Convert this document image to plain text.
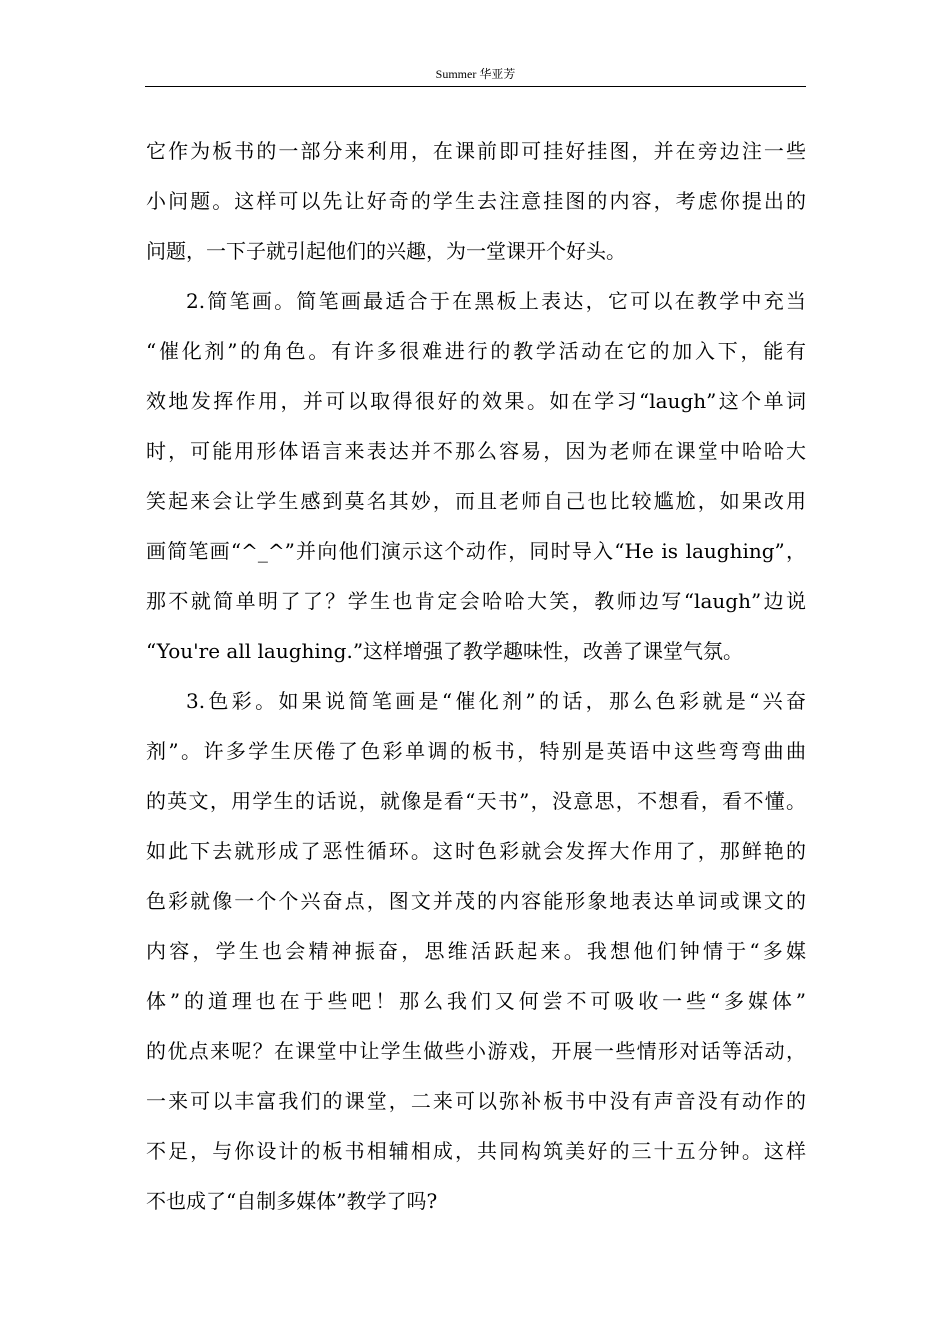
Summer 华亚芳
它作为板书的一部分来利用，在课前即可挂好挂图，并在旁边注一些
小问题。这样可以先让好奇的学生去注意挂图的内容，考虑你提出的
问题，一下子就引起他们的兴趣，为一堂课开个好头。
2.简笔画。简笔画最适合于在黑板上表达，它可以在教学中充当
“催化剂”的角色。有许多很难进行的教学活动在它的加入下，能有
效地发挥作用，并可以取得很好的效果。如在学习“laugh”这个单词
时，可能用形体语言来表达并不那么容易，因为老师在课堂中哈哈大
笑起来会让学生感到莫名其妙，而且老师自己也比较尴尬，如果改用
画简笔画“^_^”并向他们演示这个动作，同时导入“He is laughing”，
那不就简单明了了？学生也肯定会哈哈大笑，教师边写“laugh”边说
“You're all laughing.”这样增强了教学趣味性，改善了课堂气氛。
3.色彩。如果说简笔画是“催化剂”的话，那么色彩就是“兴奋
剂”。许多学生厌倦了色彩单调的板书，特别是英语中这些弯弯曲曲
的英文，用学生的话说，就像是看“天书”，没意思，不想看，看不懂。
如此下去就形成了恶性循环。这时色彩就会发挥大作用了，那鲜艳的
色彩就像一个个兴奋点，图文并茂的内容能形象地表达单词或课文的
内容，学生也会精神振奋，思维活跃起来。我想他们钟情于“多媒
体”的道理也在于些吧！那么我们又何尝不可吸收一些“多媒体”
的优点来呢？在课堂中让学生做些小游戏，开展一些情形对话等活动，
一来可以丰富我们的课堂，二来可以弥补板书中没有声音没有动作的
不足，与你设计的板书相辅相成，共同构筑美好的三十五分钟。这样
不也成了“自制多媒体”教学了吗?
